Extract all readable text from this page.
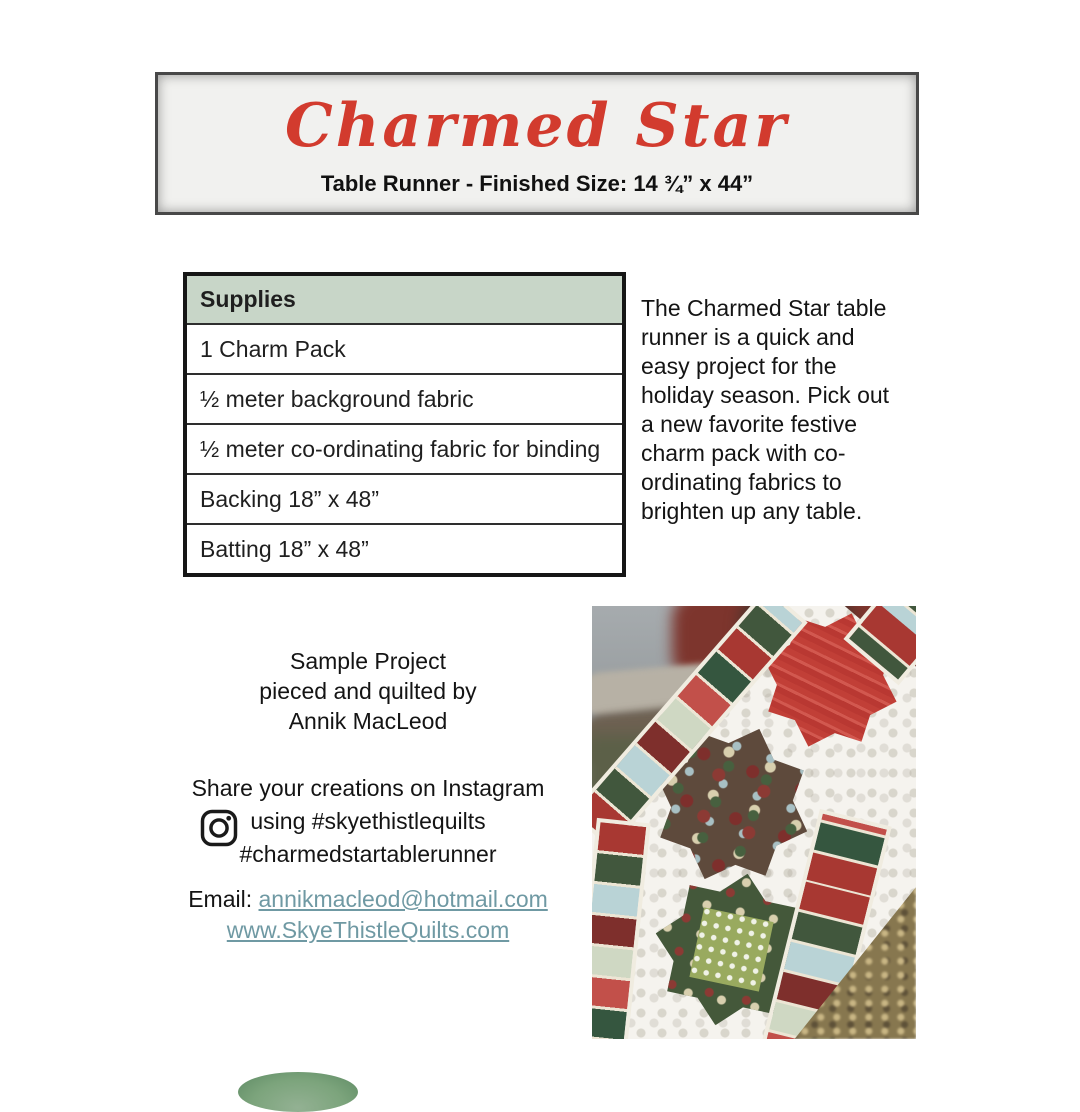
Charmed Star
Table Runner - Finished Size: 14 ¾” x 44”
Supplies
1 Charm Pack
½ meter background fabric
½ meter co-ordinating fabric for binding
Backing 18” x 48”
Batting 18” x 48”
The Charmed Star table
runner is a quick and
easy project for the
holiday season. Pick out
a new favorite festive
charm pack with co-
ordinating fabrics to
brighten up any table.
Sample Project
pieced and quilted by
Annik MacLeod
Share your creations on Instagram
using #skyethistlequilts
#charmedstartablerunner
Email: annikmacleod@hotmail.com
www.SkyeThistleQuilts.com
